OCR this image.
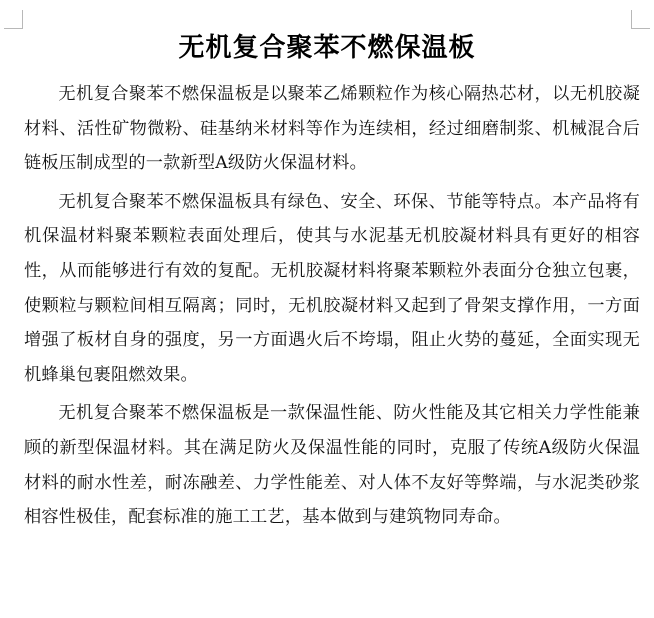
无机复合聚苯不燃保温板

无机复合聚苯不燃保温板是以聚苯乙烯颗粒作为核心隔热芯材，以无机胶凝材料、活性矿物微粉、硅基纳米材料等作为连续相，经过细磨制浆、机械混合后链板压制成型的一款新型A级防火保温材料。

无机复合聚苯不燃保温板具有绿色、安全、环保、节能等特点。本产品将有机保温材料聚苯颗粒表面处理后，使其与水泥基无机胶凝材料具有更好的相容性，从而能够进行有效的复配。无机胶凝材料将聚苯颗粒外表面分仓独立包裹，使颗粒与颗粒间相互隔离；同时，无机胶凝材料又起到了骨架支撑作用，一方面增强了板材自身的强度，另一方面遇火后不垮塌，阻止火势的蔓延，全面实现无机蜂巢包裹阻燃效果。

无机复合聚苯不燃保温板是一款保温性能、防火性能及其它相关力学性能兼顾的新型保温材料。其在满足防火及保温性能的同时，克服了传统A级防火保温材料的耐水性差，耐冻融差、力学性能差、对人体不友好等弊端，与水泥类砂浆相容性极佳，配套标准的施工工艺，基本做到与建筑物同寿命。
